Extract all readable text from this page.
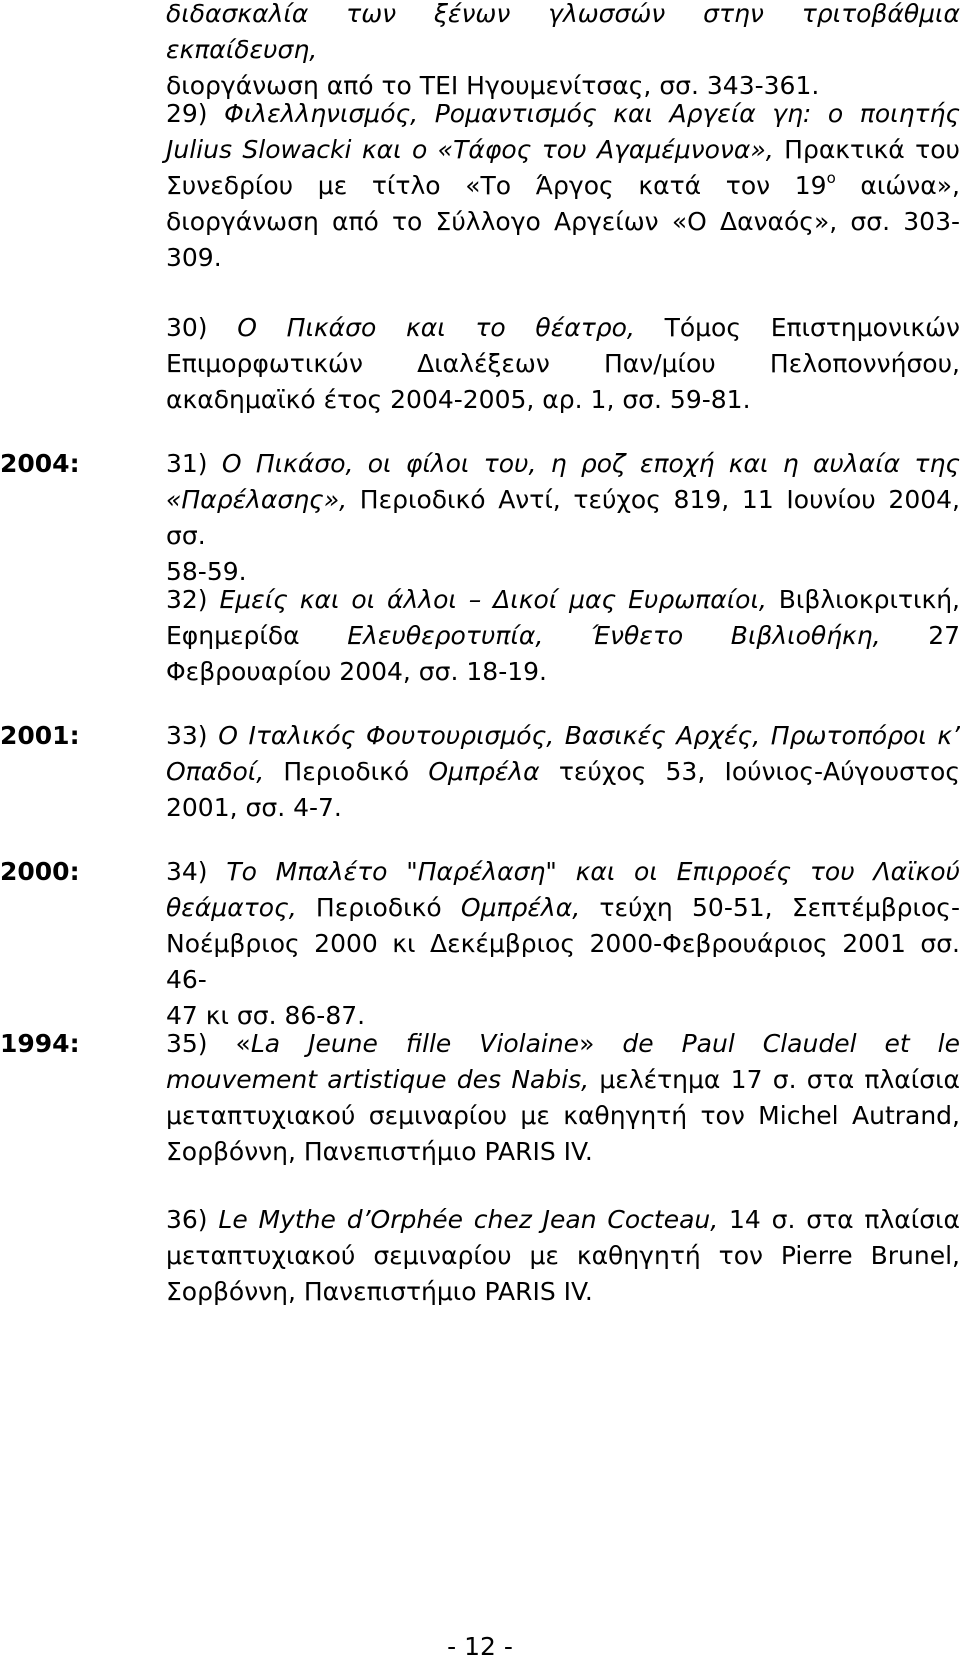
διδασκαλία των ξένων γλωσσών στην τριτοβάθμια εκπαίδευση,
διοργάνωση από το ΤΕΙ Ηγουμενίτσας, σσ. 343-361.
29) Φιλελληνισμός, Ρομαντισμός και Αργεία γη: ο ποιητής
Julius Slowacki και ο «Τάφος του Αγαμέμνονα», Πρακτικά του
Συνεδρίου με τίτλο «Το Άργος κατά τον $19^o$ αιώνα»,
διοργάνωση από το Σύλλογο Αργείων «Ο Δαναός», σσ. 303-
309.
30) Ο Πικάσο και το θέατρο, Τόμος Επιστημονικών
Επιμορφωτικών Διαλέξεων Παν/μίου Πελοποννήσου,
ακαδημαϊκό έτος 2004-2005, αρ. 1, σσ. 59-81.
2004:	31) Ο Πικάσο, οι φίλοι του, η ροζ εποχή και η αυλαία της
«Παρέλασης», Περιοδικό Αντί, τεύχος 819, 11 Ιουνίου 2004, σσ.
58-59.
32) Εμείς και οι άλλοι – Δικοί μας Ευρωπαίοι, Βιβλιοκριτική,
Εφημερίδα Ελευθεροτυπία, Ένθετο Βιβλιοθήκη, 27
Φεβρουαρίου 2004, σσ. 18-19.
2001:	33) Ο Ιταλικός Φουτουρισμός, Βασικές Αρχές, Πρωτοπόροι κ’
Οπαδοί, Περιοδικό Ομπρέλα τεύχος 53, Ιούνιος-Αύγουστος
2001, σσ. 4-7.
2000:	34) Το Μπαλέτο "Παρέλαση" και οι Επιρροές του Λαϊκού
θεάματος, Περιοδικό Ομπρέλα, τεύχη 50-51, Σεπτέμβριος-
Νοέμβριος 2000 κι Δεκέμβριος 2000-Φεβρουάριος 2001 σσ. 46-
47 κι σσ. 86-87.
1994:	35) «La Jeune fille Violaine» de Paul Claudel et le
mouvement artistique des Nabis, μελέτημα 17 σ. στα πλαίσια
μεταπτυχιακού σεμιναρίου με καθηγητή τον Michel Autrand,
Σορβόννη, Πανεπιστήμιο PARIS IV.
36) Le Mythe d’Orphée chez Jean Cocteau, 14 σ. στα πλαίσια
μεταπτυχιακού σεμιναρίου με καθηγητή τον Pierre Brunel,
Σορβόννη, Πανεπιστήμιο PARIS IV.
- 12 -
